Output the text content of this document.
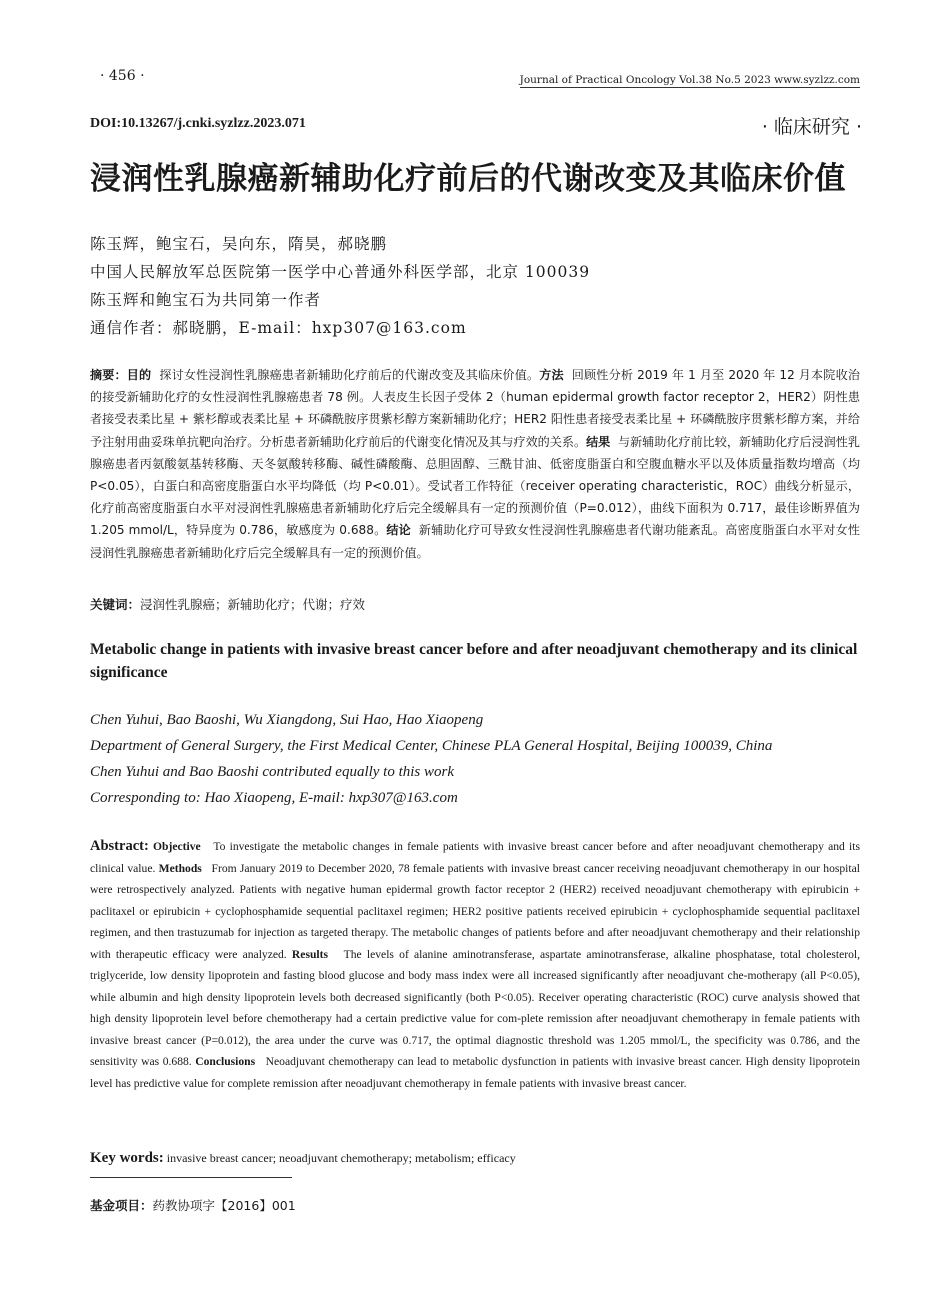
· 456 ·	Journal of Practical Oncology Vol.38 No.5 2023 www.syzlzz.com
DOI:10.13267/j.cnki.syzlzz.2023.071	· 临床研究 ·
浸润性乳腺癌新辅助化疗前后的代谢改变及其临床价值
陈玉辉，鲍宝石，吴向东，隋昊，郝晓鹏
中国人民解放军总医院第一医学中心普通外科医学部，北京 100039
陈玉辉和鲍宝石为共同第一作者
通信作者：郝晓鹏，E-mail：hxp307@163.com
摘要：目的 探讨女性浸润性乳腺癌患者新辅助化疗前后的代谢改变及其临床价值。方法 回顾性分析 2019 年 1 月至 2020 年 12 月本院收治的接受新辅助化疗的女性浸润性乳腺癌患者 78 例。人表皮生长因子受体 2（human epidermal growth factor receptor 2，HER2）阴性患者接受表柔比星 + 紫杉醇或表柔比星 + 环磷酰胺序贯紫杉醇方案新辅助化疗；HER2 阳性患者接受表柔比星 + 环磷酰胺序贯紫杉醇方案，并给予注射用曲妥珠单抗靶向治疗。分析患者新辅助化疗前后的代谢变化情况及其与疗效的关系。结果 与新辅助化疗前比较，新辅助化疗后浸润性乳腺癌患者丙氨酸氨基转移酶、天冬氨酸转移酶、碱性磷酸酶、总胆固醇、三酰甘油、低密度脂蛋白和空腹血糖水平以及体质量指数均增高（均 P<0.05），白蛋白和高密度脂蛋白水平均降低（均 P<0.01）。受试者工作特征（receiver operating characteristic，ROC）曲线分析显示，化疗前高密度脂蛋白水平对浸润性乳腺癌患者新辅助化疗后完全缓解具有一定的预测价值（P=0.012），曲线下面积为 0.717，最佳诊断界值为 1.205 mmol/L，特异度为 0.786，敏感度为 0.688。结论 新辅助化疗可导致女性浸润性乳腺癌患者代谢功能紊乱。高密度脂蛋白水平对女性浸润性乳腺癌患者新辅助化疗后完全缓解具有一定的预测价值。
关键词：浸润性乳腺癌；新辅助化疗；代谢；疗效
Metabolic change in patients with invasive breast cancer before and after neoadjuvant chemotherapy and its clinical significance
Chen Yuhui, Bao Baoshi, Wu Xiangdong, Sui Hao, Hao Xiaopeng
Department of General Surgery, the First Medical Center, Chinese PLA General Hospital, Beijing 100039, China
Chen Yuhui and Bao Baoshi contributed equally to this work
Corresponding to: Hao Xiaopeng, E-mail: hxp307@163.com
Abstract: Objective To investigate the metabolic changes in female patients with invasive breast cancer before and after neoadjuvant chemotherapy and its clinical value. Methods From January 2019 to December 2020, 78 female patients with invasive breast cancer receiving neoadjuvant chemotherapy in our hospital were retrospectively analyzed. Patients with negative human epidermal growth factor receptor 2 (HER2) received neoadjuvant chemotherapy with epirubicin + paclitaxel or epirubicin + cyclophosphamide sequential paclitaxel regimen; HER2 positive patients received epirubicin + cyclophosphamide sequential paclitaxel regimen, and then trastuzumab for injection as targeted therapy. The metabolic changes of patients before and after neoadjuvant chemotherapy and their relationship with therapeutic efficacy were analyzed. Results The levels of alanine aminotransferase, aspartate aminotransferase, alkaline phosphatase, total cholesterol, triglyceride, low density lipoprotein and fasting blood glucose and body mass index were all increased significantly after neoadjuvant che-motherapy (all P<0.05), while albumin and high density lipoprotein levels both decreased significantly (both P<0.05). Receiver operating characteristic (ROC) curve analysis showed that high density lipoprotein level before chemotherapy had a certain predictive value for com-plete remission after neoadjuvant chemotherapy in female patients with invasive breast cancer (P=0.012), the area under the curve was 0.717, the optimal diagnostic threshold was 1.205 mmol/L, the specificity was 0.786, and the sensitivity was 0.688. Conclusions Neoadjuvant chemotherapy can lead to metabolic dysfunction in patients with invasive breast cancer. High density lipoprotein level has predictive value for complete remission after neoadjuvant chemotherapy in female patients with invasive breast cancer.
Key words: invasive breast cancer; neoadjuvant chemotherapy; metabolism; efficacy
基金项目：药教协项字【2016】001
